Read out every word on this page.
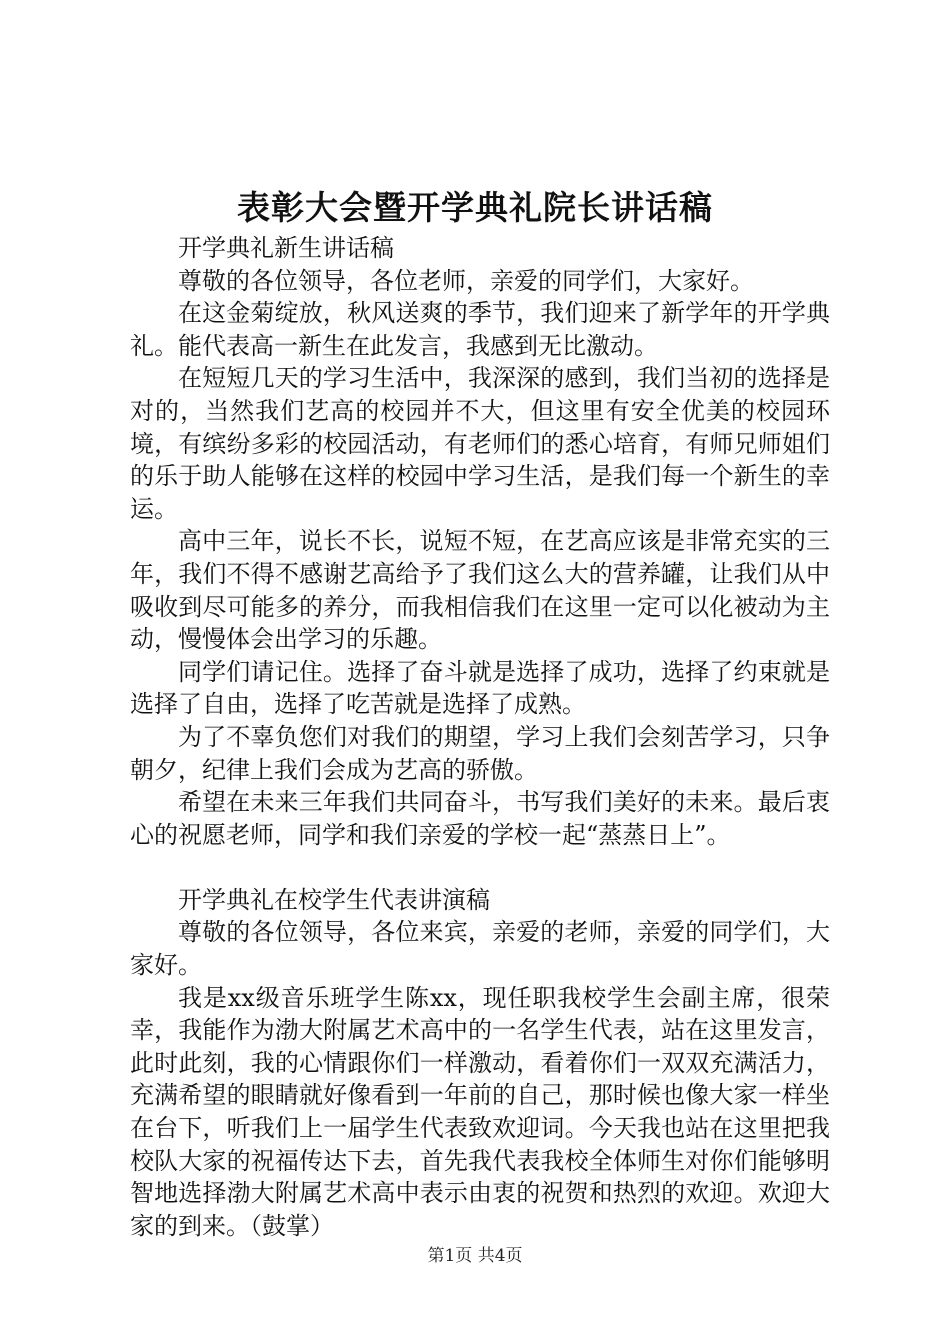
表彰大会暨开学典礼院长讲话稿

开学典礼新生讲话稿

尊敬的各位领导，各位老师，亲爱的同学们，大家好。

在这金菊绽放，秋风送爽的季节，我们迎来了新学年的开学典礼。能代表高一新生在此发言，我感到无比激动。

在短短几天的学习生活中，我深深的感到，我们当初的选择是对的，当然我们艺高的校园并不大，但这里有安全优美的校园环境，有缤纷多彩的校园活动，有老师们的悉心培育，有师兄师姐们的乐于助人能够在这样的校园中学习生活，是我们每一个新生的幸运。

高中三年，说长不长，说短不短，在艺高应该是非常充实的三年，我们不得不感谢艺高给予了我们这么大的营养罐，让我们从中吸收到尽可能多的养分，而我相信我们在这里一定可以化被动为主动，慢慢体会出学习的乐趣。

同学们请记住。选择了奋斗就是选择了成功，选择了约束就是选择了自由，选择了吃苦就是选择了成熟。

为了不辜负您们对我们的期望，学习上我们会刻苦学习，只争朝夕，纪律上我们会成为艺高的骄傲。

希望在未来三年我们共同奋斗，书写我们美好的未来。最后衷心的祝愿老师，同学和我们亲爱的学校一起“蒸蒸日上”。

开学典礼在校学生代表讲演稿

尊敬的各位领导，各位来宾，亲爱的老师，亲爱的同学们，大家好。

我是xx级音乐班学生陈xx，现任职我校学生会副主席，很荣幸，我能作为渤大附属艺术高中的一名学生代表，站在这里发言，此时此刻，我的心情跟你们一样激动，看着你们一双双充满活力，充满希望的眼睛就好像看到一年前的自己，那时候也像大家一样坐在台下，听我们上一届学生代表致欢迎词。今天我也站在这里把我校队大家的祝福传达下去，首先我代表我校全体师生对你们能够明智地选择渤大附属艺术高中表示由衷的祝贺和热烈的欢迎。欢迎大家的到来。（鼓掌）

第1页 共4页
